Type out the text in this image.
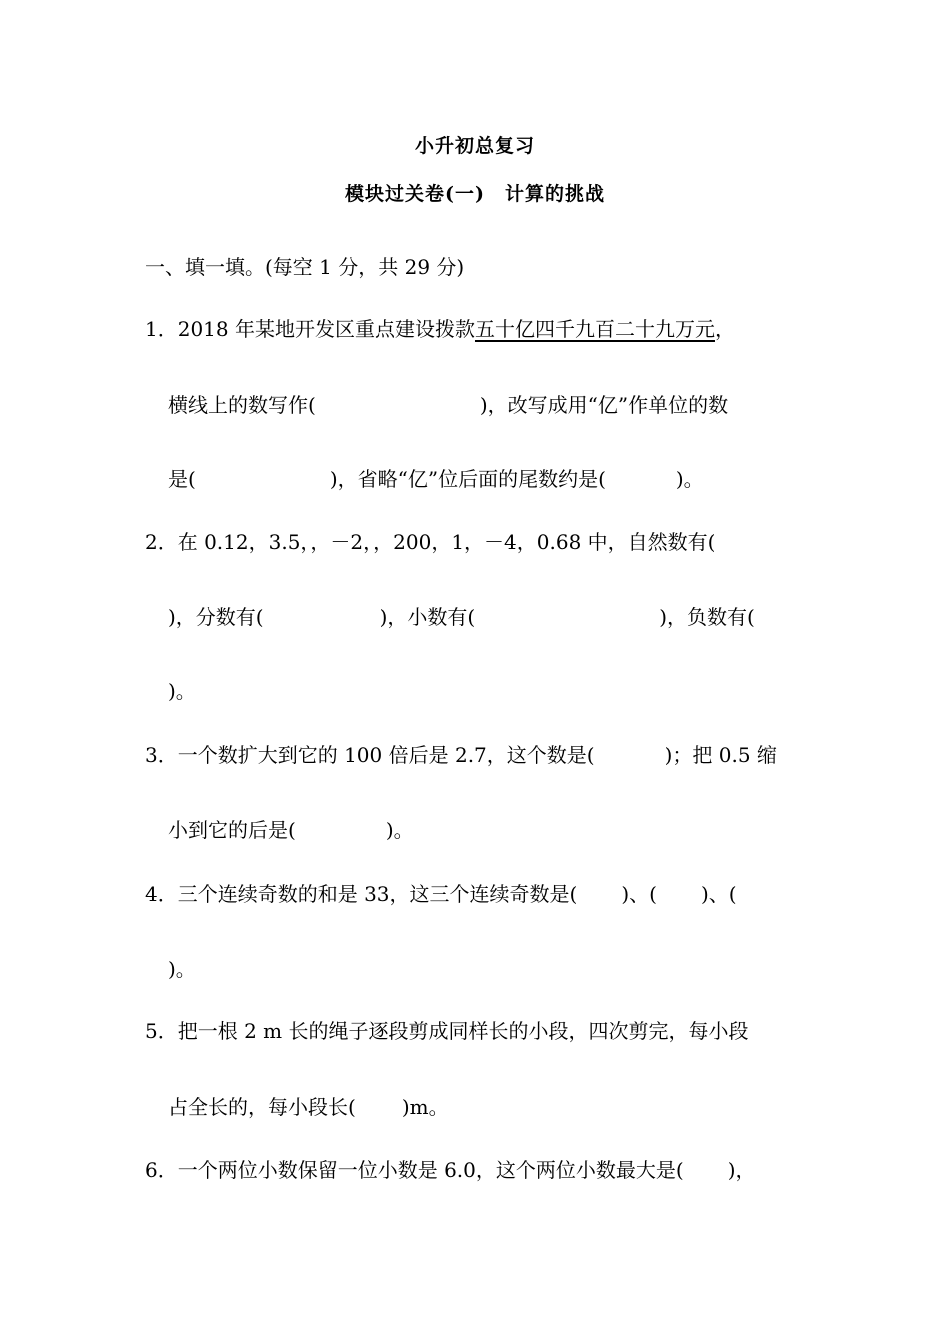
小升初总复习
模块过关卷(一)　计算的挑战
一、填一填。(每空 1 分，共 29 分)
1．2018 年某地开发区重点建设拨款五十亿四千九百二十九万元，
横线上的数写作(	)，改写成用“亿”作单位的数
是(	)，省略“亿”位后面的尾数约是(	)。
2．在 0.12，3.5，，－2，，200，1，－4，0.68 中，自然数有(
)，分数有(	)，小数有(	)，负数有(
)。
3．一个数扩大到它的 100 倍后是 2.7，这个数是(	)；把 0.5 缩
小到它的后是(	)。
4．三个连续奇数的和是 33，这三个连续奇数是( )、( )、(
)。
5．把一根 2 m 长的绳子逐段剪成同样长的小段，四次剪完，每小段
占全长的，每小段长( )m。
6．一个两位小数保留一位小数是 6.0，这个两位小数最大是( )，
